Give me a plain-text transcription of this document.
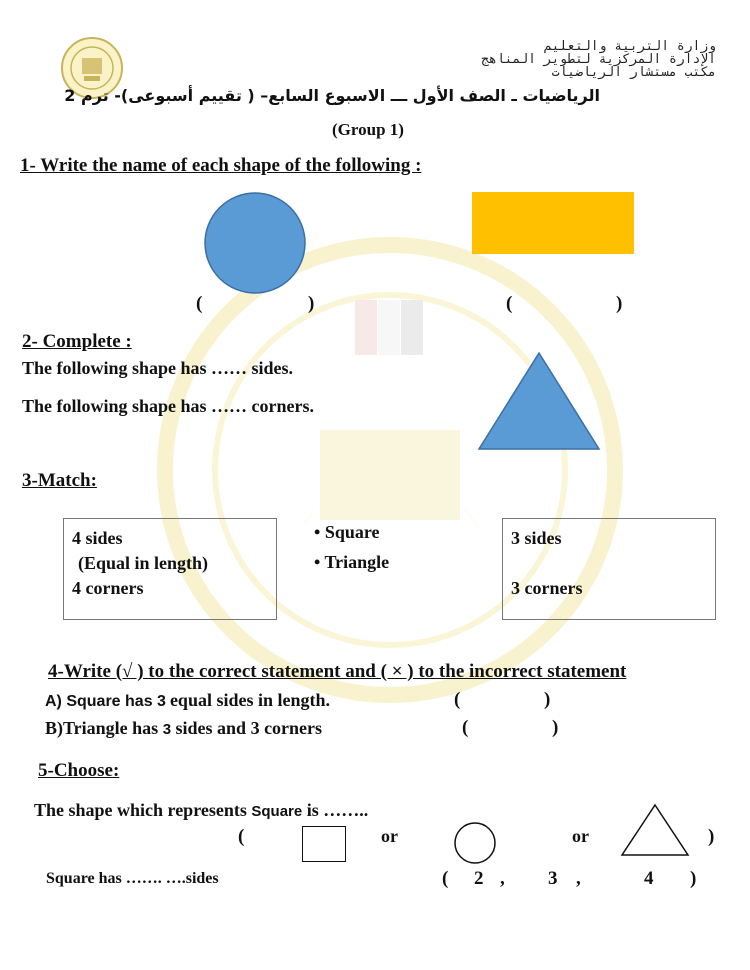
وزارة التربية والتعليم
الإدارة المركزية لتطوير المناهج
مكتب مستشار الرياضيات
الرياضيات ـ الصف الأول ـــ الاسبوع السابع– ( تقييم أسبوعى)- ترم 2
(Group 1)
1- Write the name of each shape of the following :
(	)	(	)
2- Complete :
The following shape has …… sides.
The following shape has …… corners.
3-Match:
4 sides
(Equal in length)
4 corners
• Square
• Triangle
3 sides
3 corners
4-Write (√ ) to the correct statement and ( × ) to the incorrect statement
A) Square has 3 equal sides in length.	(	)
B)Triangle has 3 sides and 3 corners	(	)
5-Choose:
The shape which represents Square is ……..
(	or	or	)
Square has ……. ….sides	( 2 , 3 ,	4 )
